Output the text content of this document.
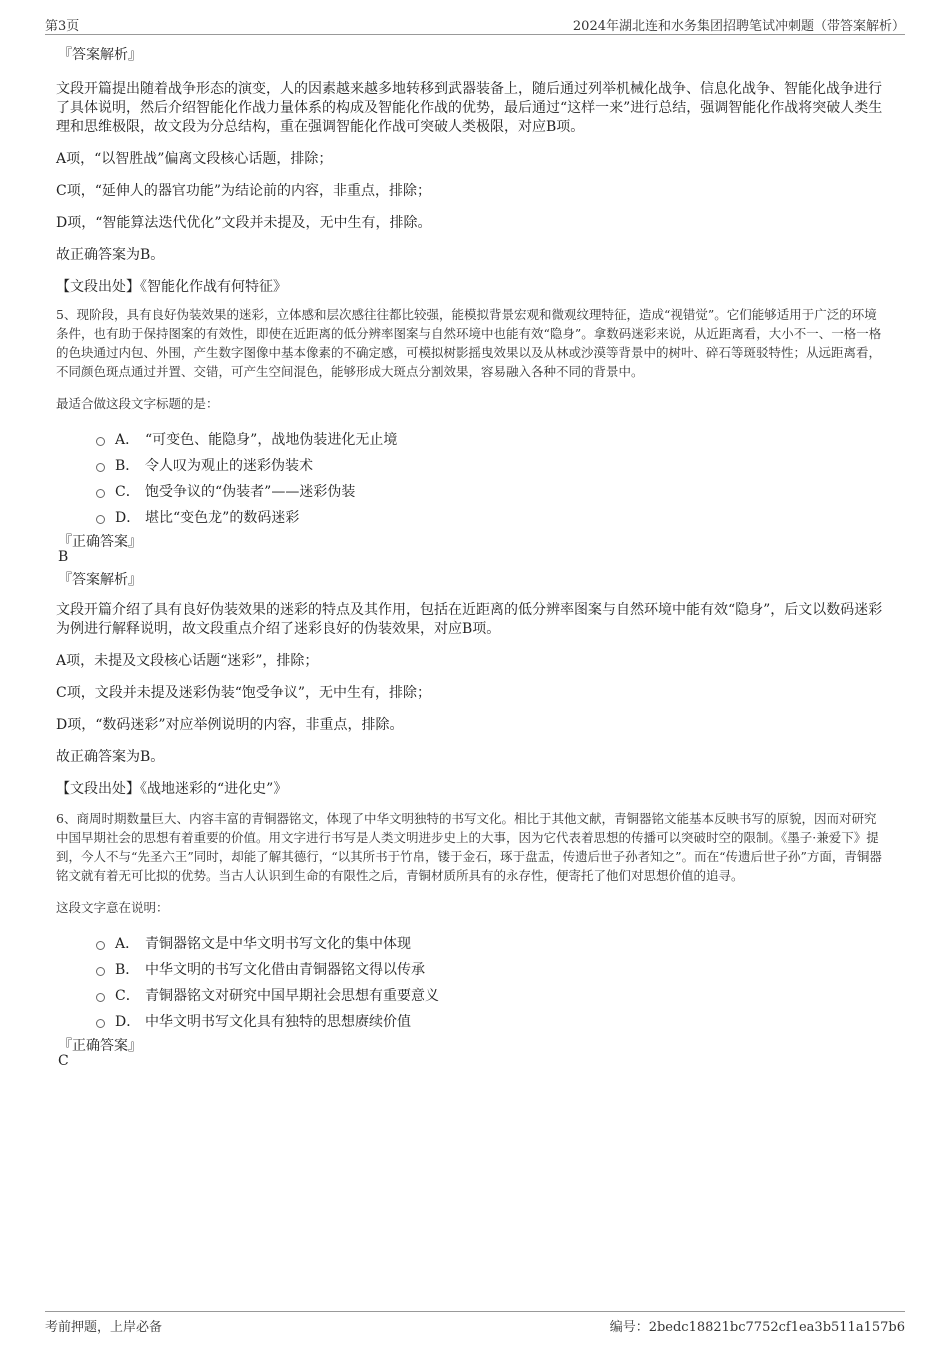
第3页	2024年湖北连和水务集团招聘笔试冲刺题（带答案解析）
『答案解析』

文段开篇提出随着战争形态的演变，人的因素越来越多地转移到武器装备上，随后通过列举机械化战争、信息化战争、智能化战争进行了具体说明，然后介绍智能化作战力量体系的构成及智能化作战的优势，最后通过“这样一来”进行总结，强调智能化作战将突破人类生理和思维极限，故文段为分总结构，重在强调智能化作战可突破人类极限，对应B项。

A项，“以智胜战”偏离文段核心话题，排除；

C项，“延伸人的器官功能”为结论前的内容，非重点，排除；

D项，“智能算法迭代优化”文段并未提及，无中生有，排除。

故正确答案为B。

【文段出处】《智能化作战有何特征》

5、现阶段，具有良好伪装效果的迷彩，立体感和层次感往往都比较强，能模拟背景宏观和微观纹理特征，造成“视错觉”。它们能够适用于广泛的环境条件，也有助于保持图案的有效性，即使在近距离的低分辨率图案与自然环境中也能有效“隐身”。拿数码迷彩来说，从近距离看，大小不一、一格一格的色块通过内包、外围，产生数字图像中基本像素的不确定感，可模拟树影摇曳效果以及从林或沙漠等背景中的树叶、碎石等斑驳特性；从远距离看，不同颜色斑点通过并置、交错，可产生空间混色，能够形成大斑点分割效果，容易融入各种不同的背景中。

最适合做这段文字标题的是：

A． “可变色、能隐身”，战地伪装进化无止境
B． 令人叹为观止的迷彩伪装术
C． 饱受争议的“伪装者”——迷彩伪装
D． 堪比“变色龙”的数码迷彩
『正确答案』
B
『答案解析』

文段开篇介绍了具有良好伪装效果的迷彩的特点及其作用，包括在近距离的低分辨率图案与自然环境中能有效“隐身”，后文以数码迷彩为例进行解释说明，故文段重点介绍了迷彩良好的伪装效果，对应B项。

A项，未提及文段核心话题“迷彩”，排除；

C项，文段并未提及迷彩伪装“饱受争议”，无中生有，排除；

D项，“数码迷彩”对应举例说明的内容，非重点，排除。

故正确答案为B。

【文段出处】《战地迷彩的“进化史”》

6、商周时期数量巨大、内容丰富的青铜器铭文，体现了中华文明独特的书写文化。相比于其他文献，青铜器铭文能基本反映书写的原貌，因而对研究中国早期社会的思想有着重要的价值。用文字进行书写是人类文明进步史上的大事，因为它代表着思想的传播可以突破时空的限制。《墨子·兼爱下》提到，今人不与“先圣六王”同时，却能了解其德行，“以其所书于竹帛，镂于金石，琢于盘盂，传遗后世子孙者知之”。而在“传遗后世子孙”方面，青铜器铭文就有着无可比拟的优势。当古人认识到生命的有限性之后，青铜材质所具有的永存性，便寄托了他们对思想价值的追寻。

这段文字意在说明：

A． 青铜器铭文是中华文明书写文化的集中体现
B． 中华文明的书写文化借由青铜器铭文得以传承
C． 青铜器铭文对研究中国早期社会思想有重要意义
D． 中华文明书写文化具有独特的思想赓续价值
『正确答案』
C
考前押题，上岸必备	编号：2bedc18821bc7752cf1ea3b511a157b6
